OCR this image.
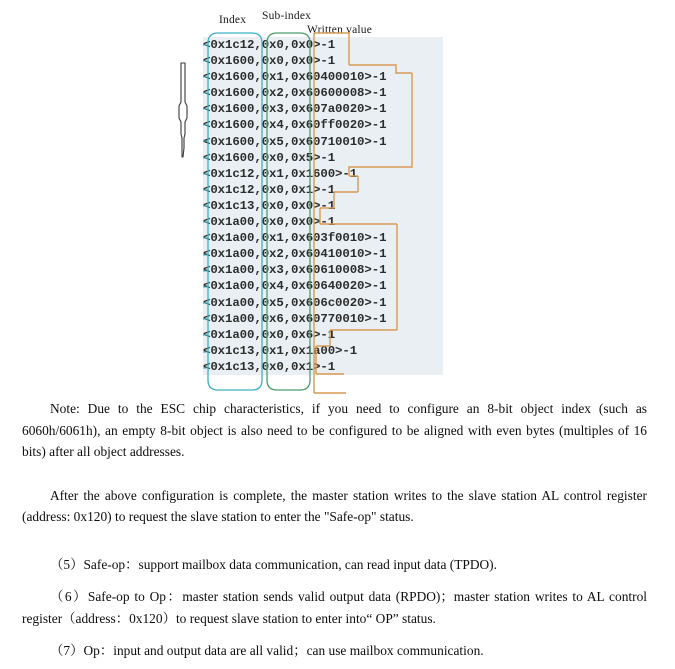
Index Sub-index
Written value
<0x1c12,0x0,0x0>-1
<0x1600,0x0,0x0>-1
<0x1600,0x1,0x60400010>-1
<0x1600,0x2,0x60600008>-1
<0x1600,0x3,0x607a0020>-1
<0x1600,0x4,0x60ff0020>-1
<0x1600,0x5,0x60710010>-1
<0x1600,0x0,0x5>-1
<0x1c12,0x1,0x1600>-1
<0x1c12,0x0,0x1>-1
<0x1c13,0x0,0x0>-1
<0x1a00,0x0,0x0>-1
<0x1a00,0x1,0x603f0010>-1
<0x1a00,0x2,0x60410010>-1
<0x1a00,0x3,0x60610008>-1
<0x1a00,0x4,0x60640020>-1
<0x1a00,0x5,0x606c0020>-1
<0x1a00,0x6,0x60770010>-1
<0x1a00,0x0,0x6>-1
<0x1c13,0x1,0x1a00>-1
<0x1c13,0x0,0x1>-1

Note: Due to the ESC chip characteristics, if you need to configure an 8-bit object index (such as 6060h/6061h), an empty 8-bit object is also need to be configured to be aligned with even bytes (multiples of 16 bits) after all object addresses.

After the above configuration is complete, the master station writes to the slave station AL control register (address: 0x120) to request the slave station to enter the "Safe-op" status.

（5）Safe-op：support mailbox data communication, can read input data (TPDO).

（6）Safe-op to Op：master station sends valid output data (RPDO)；master station writes to AL control register（address：0x120）to request slave station to enter into“ OP” status.

（7）Op：input and output data are all valid；can use mailbox communication.
